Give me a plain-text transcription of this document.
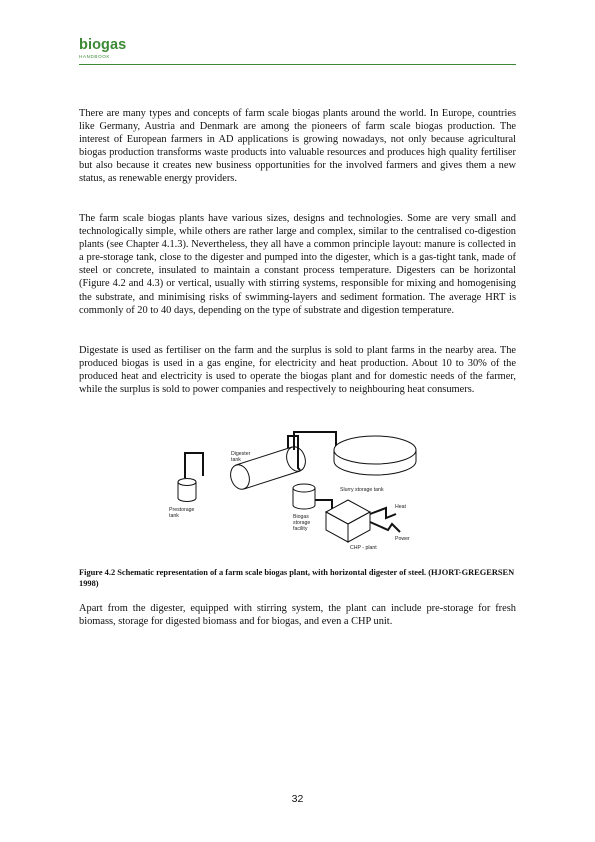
biogas
HANDBOOK
There are many types and concepts of farm scale biogas plants around the world. In Europe, countries like Germany, Austria and Denmark are among the pioneers of farm scale biogas production. The interest of European farmers in AD applications is growing nowadays, not only because agricultural biogas production transforms waste products into valuable resources and produces high quality fertiliser but also because it creates new business opportunities for the involved farmers and gives them a new status, as renewable energy providers.
The farm scale biogas plants have various sizes, designs and technologies. Some are very small and technologically simple, while others are rather large and complex, similar to the centralised co-digestion plants (see Chapter 4.1.3). Nevertheless, they all have a common principle layout: manure is collected in a pre-storage tank, close to the digester and pumped into the digester, which is a gas-tight tank, made of steel or concrete, insulated to maintain a constant process temperature. Digesters can be horizontal (Figure 4.2 and 4.3) or vertical, usually with stirring systems, responsible for mixing and homogenising the substrate, and minimising risks of swimming-layers and sediment formation. The average HRT is commonly of 20 to 40 days, depending on the type of substrate and digestion temperature.
Digestate is used as fertiliser on the farm and the surplus is sold to plant farms in the nearby area. The produced biogas is used in a gas engine, for electricity and heat production. About 10 to 30% of the produced heat and electricity is used to operate the biogas plant and for domestic needs of the farmer, while the surplus is sold to power companies and respectively to neighbouring heat consumers.
Digester
tank
Prestorage
tank
Slurry storage tank
Biogas
storage
facility
Heat
Power
CHP - plant
Figure 4.2 Schematic representation of a farm scale biogas plant, with horizontal digester of steel. (HJORT-GREGERSEN 1998)
Apart from the digester, equipped with stirring system, the plant can include pre-storage for fresh biomass, storage for digested biomass and for biogas, and even a CHP unit.
32
